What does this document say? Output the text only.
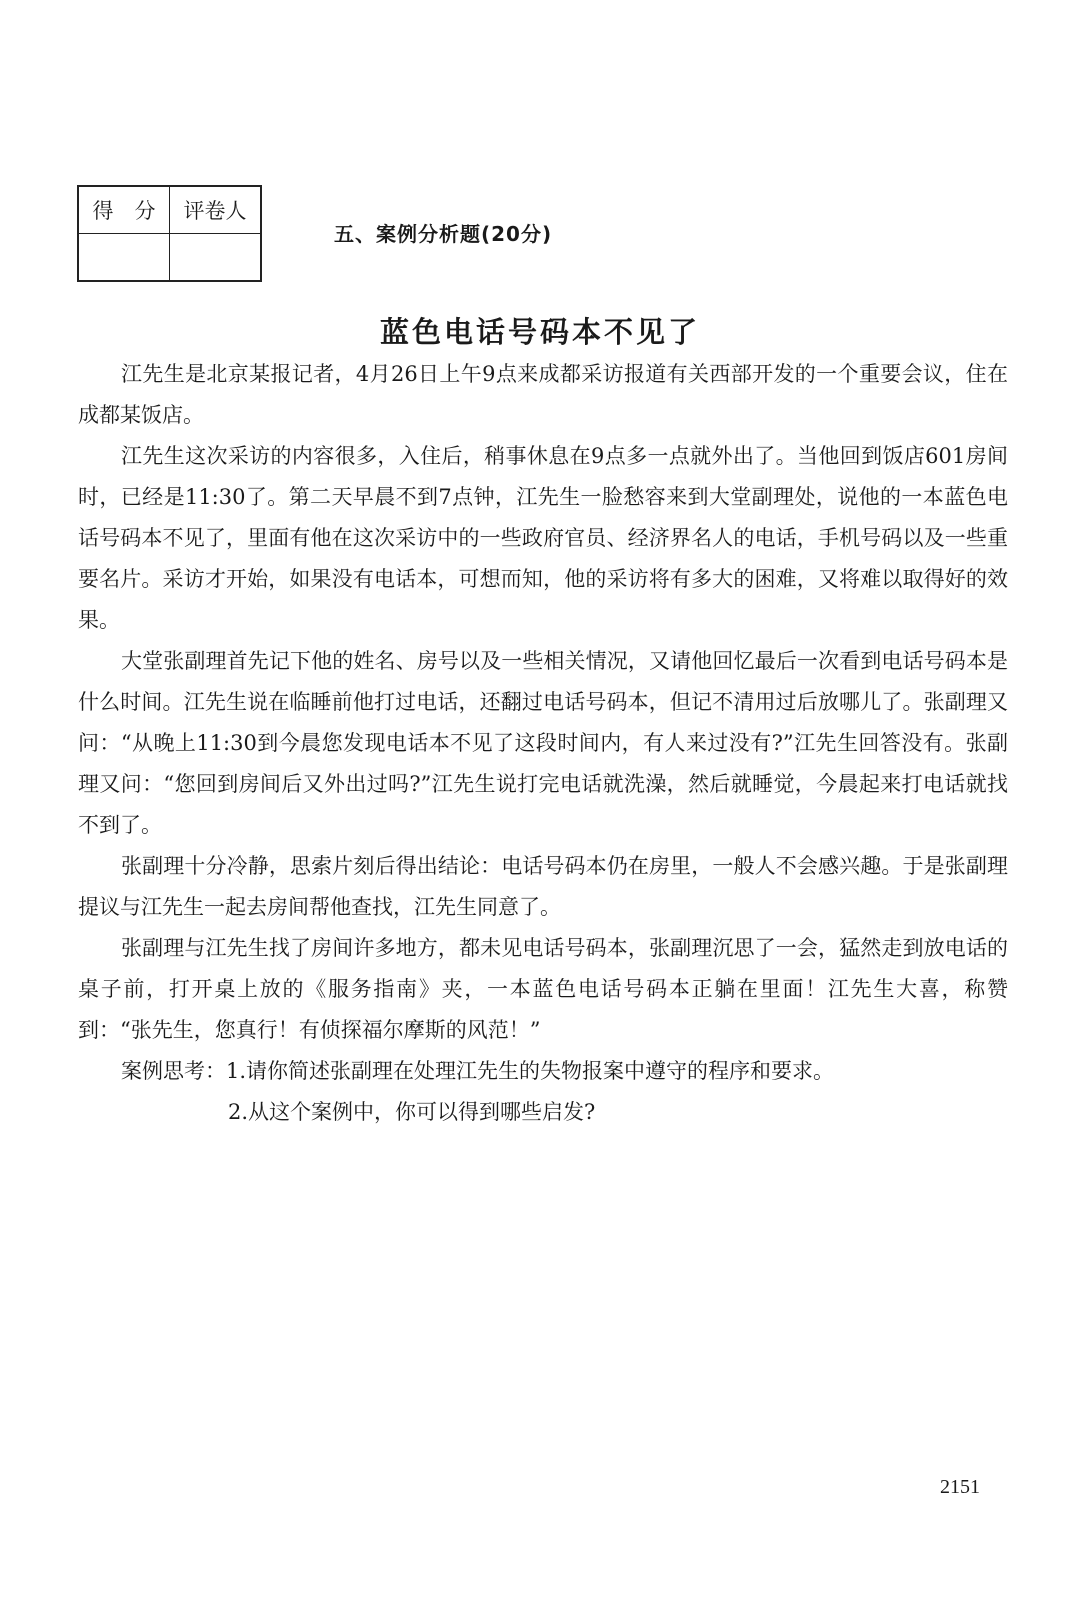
得　分	评卷人

五、案例分析题(20分)
蓝色电话号码本不见了

江先生是北京某报记者，4月26日上午9点来成都采访报道有关西部开发的一个重要会议，住在成都某饭店。

江先生这次采访的内容很多，入住后，稍事休息在9点多一点就外出了。当他回到饭店601房间时，已经是11:30了。第二天早晨不到7点钟，江先生一脸愁容来到大堂副理处，说他的一本蓝色电话号码本不见了，里面有他在这次采访中的一些政府官员、经济界名人的电话，手机号码以及一些重要名片。采访才开始，如果没有电话本，可想而知，他的采访将有多大的困难，又将难以取得好的效果。

大堂张副理首先记下他的姓名、房号以及一些相关情况，又请他回忆最后一次看到电话号码本是什么时间。江先生说在临睡前他打过电话，还翻过电话号码本，但记不清用过后放哪儿了。张副理又问：“从晚上11:30到今晨您发现电话本不见了这段时间内，有人来过没有?”江先生回答没有。张副理又问：“您回到房间后又外出过吗?”江先生说打完电话就洗澡，然后就睡觉，今晨起来打电话就找不到了。

张副理十分冷静，思索片刻后得出结论：电话号码本仍在房里，一般人不会感兴趣。于是张副理提议与江先生一起去房间帮他查找，江先生同意了。

张副理与江先生找了房间许多地方，都未见电话号码本，张副理沉思了一会，猛然走到放电话的桌子前，打开桌上放的《服务指南》夹，一本蓝色电话号码本正躺在里面！江先生大喜，称赞到：“张先生，您真行！有侦探福尔摩斯的风范！”

案例思考：1.请你简述张副理在处理江先生的失物报案中遵守的程序和要求。

2.从这个案例中，你可以得到哪些启发?

2151
